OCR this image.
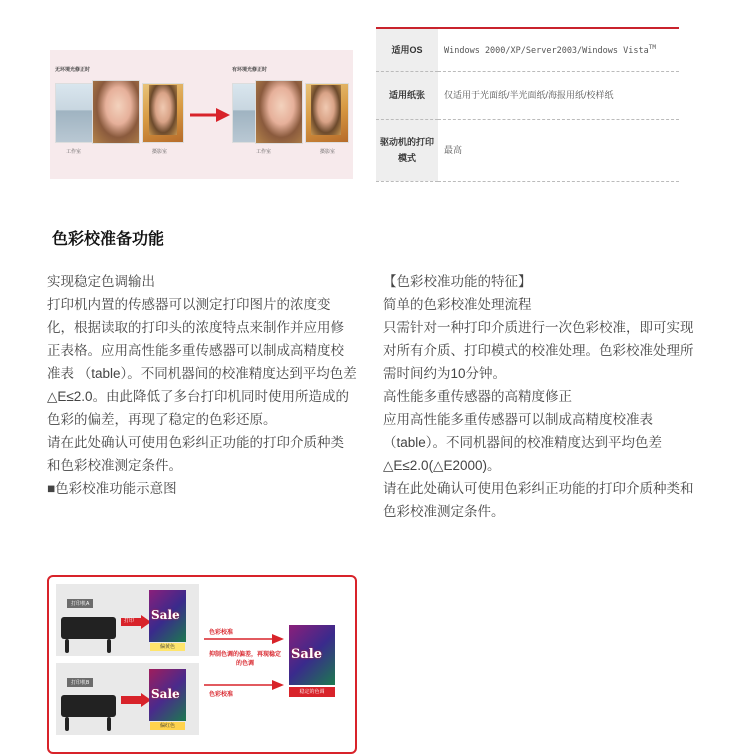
无环境光修正时	有环境光修正时
工作室	摄影室	工作室	摄影室
适用OS	Windows 2000/XP/Server2003/Windows Vista™
适用纸张	仅适用于光面纸/半光面纸/海报用纸/校样纸
驱动机的打印模式	最高
色彩校准备功能

实现稳定色调输出

打印机内置的传感器可以测定打印图片的浓度变化，根据读取的打印头的浓度特点来制作并应用修正表格。应用高性能多重传感器可以制成高精度校准表 （table）。不同机器间的校准精度达到平均色差△E≤2.0。由此降低了多台打印机同时使用所造成的色彩的偏差，再现了稳定的色彩还原。

请在此处确认可使用色彩纠正功能的打印介质种类和色彩校准测定条件。

■色彩校准功能示意图

【色彩校准功能的特征】

简单的色彩校准处理流程

只需针对一种打印介质进行一次色彩校准，即可实现对所有介质、打印模式的校准处理。色彩校准处理所需时间约为10分钟。

高性能多重传感器的高精度修正

应用高性能多重传感器可以制成高精度校准表（table）。不同机器间的校准精度达到平均色差△E≤2.0(△E2000)。

请在此处确认可使用色彩纠正功能的打印介质种类和色彩校准测定条件。

打印机A
打印 Sale
偏黄色
打印机B
Sale
偏红色
色彩校准
色彩校准
抑制色调的偏差，再现稳定的色调
Sale
稳定的色调
